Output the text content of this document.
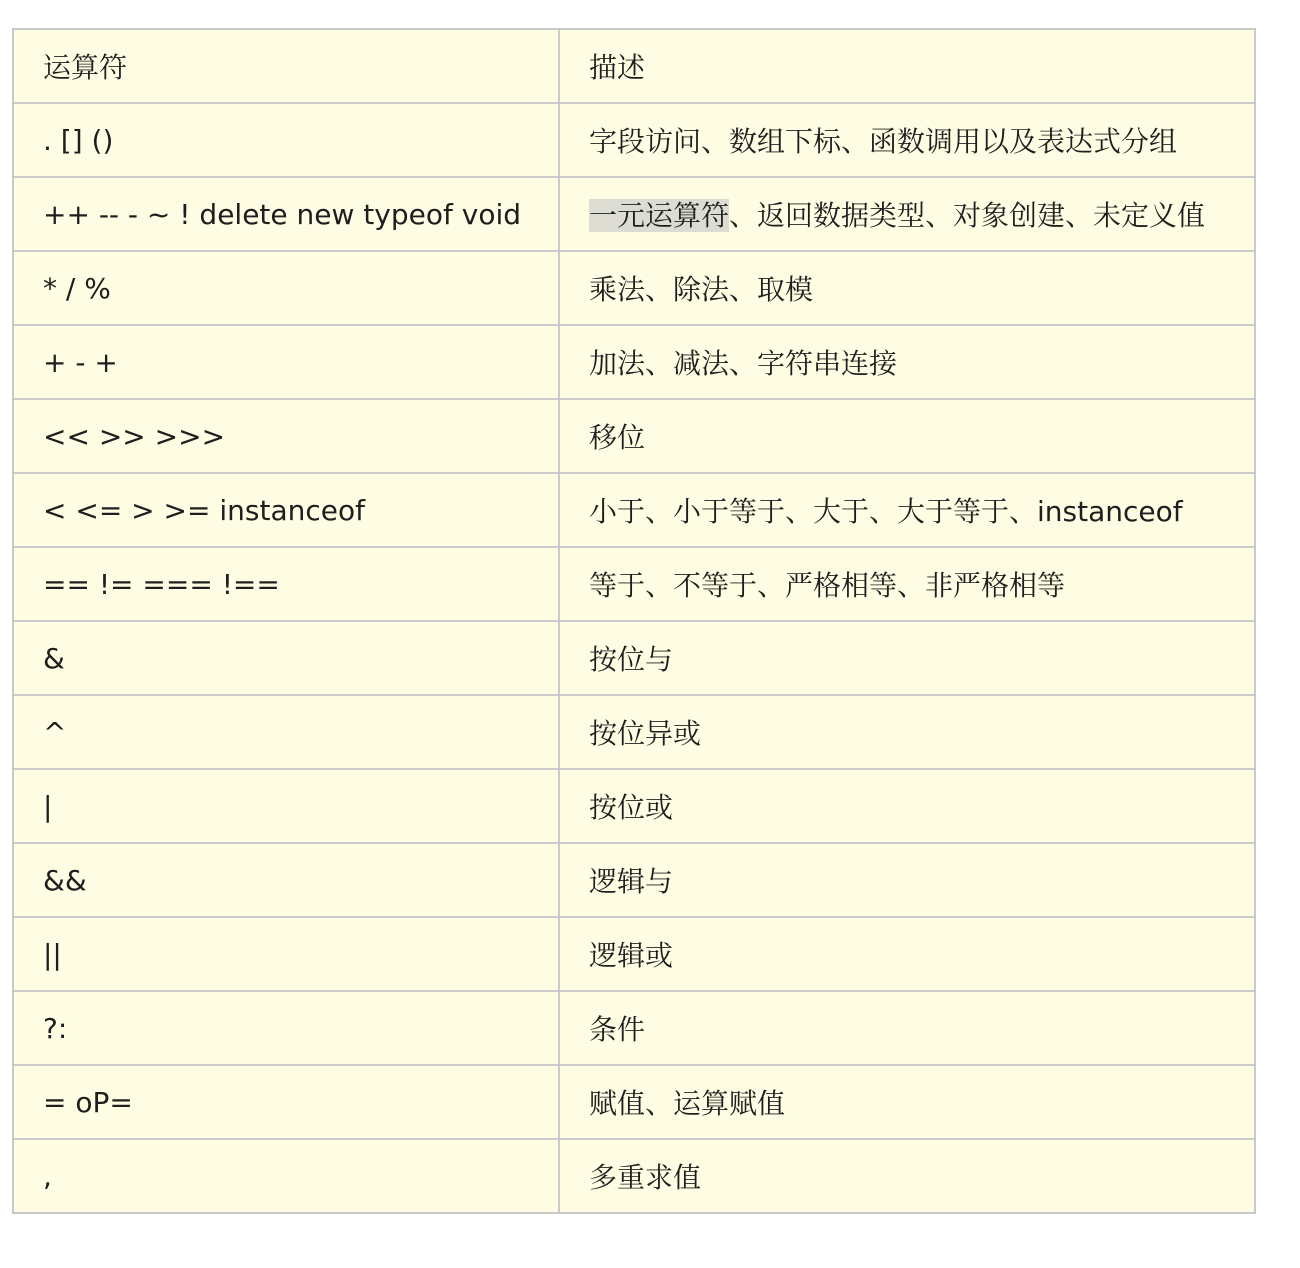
运算符	描述
. [] ()	字段访问、数组下标、函数调用以及表达式分组
++ -- - ~ ! delete new typeof void	一元运算符、返回数据类型、对象创建、未定义值
* / %	乘法、除法、取模
+ - +	加法、减法、字符串连接
<< >> >>>	移位
< <= > >= instanceof	小于、小于等于、大于、大于等于、instanceof
== != === !==	等于、不等于、严格相等、非严格相等
&	按位与
^	按位异或
|	按位或
&&	逻辑与
||	逻辑或
?:	条件
= oP=	赋值、运算赋值
,	多重求值
